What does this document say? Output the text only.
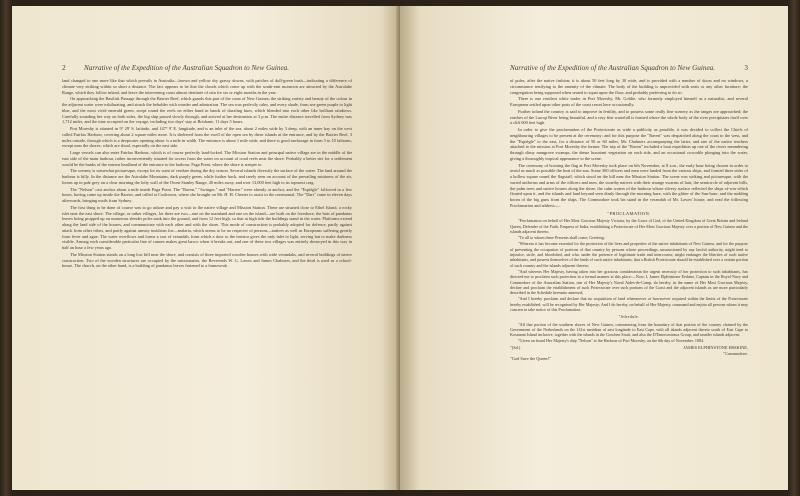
2	Narrative of the Expedition of the Australian Squadron to New Guinea.

land changed to one more like that which prevails in Australia—brown and yellow dry grassy downs, with patches of dull-green bush—indicating a difference of climate very striking within so short a distance. The fact appears to be that the clouds which come up with the south-east monsoon are attracted by the Astrolabe Range, which they follow inland, and leave the intervening coast almost destitute of rain for six or eight months in the year.

On approaching the Basilisk Passage through the Barrier Reef, which guards this part of the coast of New Guinea, the striking variety and beauty of the colour in the adjacent water were exhilarating, and struck the beholder with wonder and admiration. The sea was perfectly calm, and every shade, from sea-green purple to light blue, and the most vivid emerald green, swept round the reefs on either hand in bands of dazzling hues, which blended into each other like brilliant rainbows. Carefully sounding her way on both sides, the big ship passed slowly through, and arrived at her destination at 3 p.m. The entire distance travelled from Sydney was 1,712 miles, and the time occupied on the voyage, including two days' stay at Brisbane, 11 days 5 hours.

Port Moresby is situated in 9° 29' S. latitude, and 147° 9' E. longitude, and is an inlet of the sea, about 2 miles wide by 3 deep, with an inner bay on the west called Fairfax Harbour, covering about 2 square miles more. It is sheltered from the swell of the open sea by these islands at the entrance, and by the Barrier Reef, 3 miles outside, through which is a deepwater opening about ¼ a mile in width. The entrance is about 1 mile wide, and there is good anchorage in from 5 to 10 fathoms, except near the shores, which are shoal, especially on the east side.

Large vessels can also enter Fairfax Harbour, which is of course perfectly land-locked. The Mission Station and principal native village are in the middle of the east side of the main harbour, rather inconveniently situated for access from the water on account of coral reefs near the shore. Probably a better site for a settlement would be the banks of the eastern headland of the entrance to the harbour, Paga Point, where the shore is steeper to.

The scenery is somewhat picturesque, except for its want of verdure during the dry season. Several islands diversify the surface of the water. The land around the harbour is hilly. In the distance are the Astrolabe Mountains, dark purply green, while further back, and rarely seen on account of the prevailing mistiness of the air, looms up in pale grey on a clear morning the lofty wall of the Owen Stanley Range, 40 miles away, and over 13,000 feet high to its topmost crag.

The "Nelson" cast anchor about a mile inside Paga Point. The "Raven," "Swinger," and "Harrier" were already at anchor, and the "Espiègle" followed in a few hours, having come up inside the Barrier, and called at Cooktown, where she brought on Mr. H. H. Chester to assist in the ceremonial. The "Dart" came in eleven days afterwards, bringing mails from Sydney.

The first thing to be done of course was to go ashore and pay a visit to the native village and Mission Station. These are situated close to Ethel Island, a rocky islet near the east shore. The village, or rather villages, for there are two—one on the mainland and one on the island—are built on the foreshore, the huts of pandanus leaves being propped up on numerous slender poles sunk into the ground, and from 12 feet high, so that at high tide the buildings stand in the water. Platforms extend along the land side of the houses, and communicate with each other and with the shore. This mode of construction is probably adopted for defence, partly against attack from other tribes, and partly against uneasy insidious foe—malaria, which seems to be no respecter of persons—natives as well as Europeans suffering greatly from fever and ague. The water overflows and forms a sort of verandah, from which a door to the interior gives the only inlet to light, serving but to make darkness visible. Among each considerable particular line of canoes makes great havoc when it breaks out, and one of these two villages was entirely destroyed in this way in half an hour a few years ago.

The Mission Station stands on a long low hill near the shore, and consists of three imported wooden houses with wide verandahs, and several buildings of native construction. Two of the wooden structures are occupied by the missionaries, the Reverends W. G. Lawes and James Chalmers, and the third is used as a school-house. The church, on the other hand, is a building of pandanus leaves fastened to a framework

Narrative of the Expedition of the Australian Squadron to New Guinea.	3

of poles, after the native fashion; it is about 50 feet long by 30 wide, and is provided with a number of doors and no windows, a circumstance testifying to the amenity of the climate. The body of the building is unprovided with seats or any other furniture; the congregation being supposed when seated to squat upon the floor, and probably preferring to do so.

There is one resident white trader in Port Moresby, Mr. Goldie, who formerly employed himself as a naturalist, and several Europeans settled upon other parts of the coast resort here occasionally.

Further inland the country is said to improve in fertility, and to possess some really fine scenery as the ranges are approached; the reaches of the Laroqi River being beautiful, and a very fine waterfall is formed where the whole body of the river precipitates itself over a cliff 600 feet high.

In order to give the proclamation of the Protectorate as wide a publicity as possible, it was decided to collect the Chiefs of neighbouring villages to be present at the ceremony; and for this purpose the "Raven" was despatched along the coast to the west, and the "Espiègle" to the east, for a distance of 50 or 60 miles, Mr. Chalmers accompanying the latter, and one of the native teachers attached to the mission at Port Moresby the former. The trip of the "Raven" included a boat expedition up one of the rivers meandering through slimy mangrove swamps, the dense luxuriant vegetation on each side, and an occasional crocodile plunging into the water, giving a thoroughly tropical appearance to the scene.

The ceremony of hoisting the flag at Port Moresby took place on 6th November, at 8 a.m., the early hour being chosen in order to avoid as much as possible the heat of the sun. Some 300 officers and men were landed from the various ships, and formed three sides of a hollow square round the flagstaff, which stood on the hill near the Mission Station. The scene was striking and picturesque, with the varied uniforms and arms of the officers and men, the swarthy natives with their strange swarms of hair, the semicircle of adjacent hills, the palm trees and native houses along the shore, the calm waters of the harbour whose silvery surface reflected the ships of-war which floated upon it, and the islands and land beyond seen dimly through the morning haze, with the glitter of the Sun-haze, and the nodding boom of the big guns from the ships. The Commodore took his stand in the verandah of Mr. Lawes' house, and read the following Proclamation and address:—

"PROCLAMATION.

"Proclamation on behalf of Her Most Gracious Majesty Victoria, by the Grace of God, of the United Kingdom of Great Britain and Ireland Queen, Defender of the Faith, Empress of India, establishing a Protectorate of Her Most Gracious Majesty over a portion of New Guinea and the islands adjacent thereto.

"To all to whom these Presents shall come, Greeting:

"Whereas it has become essential for the protection of the lives and properties of the native inhabitants of New Guinea, and for the purpose of preventing the occupation of portions of that country by persons whose proceedings, unsanctioned by any lawful authority, might tend to injustice, strife, and bloodshed, and who, under the pretence of legitimate trade and intercourse, might endanger the liberties of such native inhabitants, and possess themselves of the lands of such native inhabitants, that a British Protectorate should be established over a certain portion of such country and the islands adjacent thereto;

"And whereas Her Majesty, having taken into her gracious consideration the urgent necessity of her protection to such inhabitants, has directed me to proclaim such protection in a formal manner at this place:—Now, I, James Elphinstone Erskine, Captain in the Royal Navy and Commodore of the Australian Station, one of Her Majesty's Naval Aides-de-Camp, do hereby, in the name of Her Most Gracious Majesty, declare and proclaim the establishment of such Protectorate over such portions of the Coast and the adjacent islands as are more particularly described in the Schedule hereunto annexed;

"And I hereby proclaim and declare that no acquisition of land whensoever or howsoever acquired within the limits of the Protectorate hereby established, will be recognised by Her Majesty; And I do hereby, on behalf of Her Majesty, command and enjoin all persons whom it may concern to take notice of this Proclamation.

"Schedule.

"All that portion of the southern shores of New Guinea, commencing from the boundary of that portion of the country claimed by the Government of the Netherlands on the 141st meridian of east longitude to East Cape, with all islands adjacent thereto south of East Cape to Kosmann Island inclusive, together with the islands in the Goschen Strait, and also the D'Entrecasteaux Group, and smaller islands adjacent.

"Given on board Her Majesty's ship "Nelson" at the Harbour of Port Moresby, on the 6th day of November, 1884.

"(Sd.)	JAMES ELPHINSTONE ERSKINE,
"Commodore.

"God Save the Queen!"
